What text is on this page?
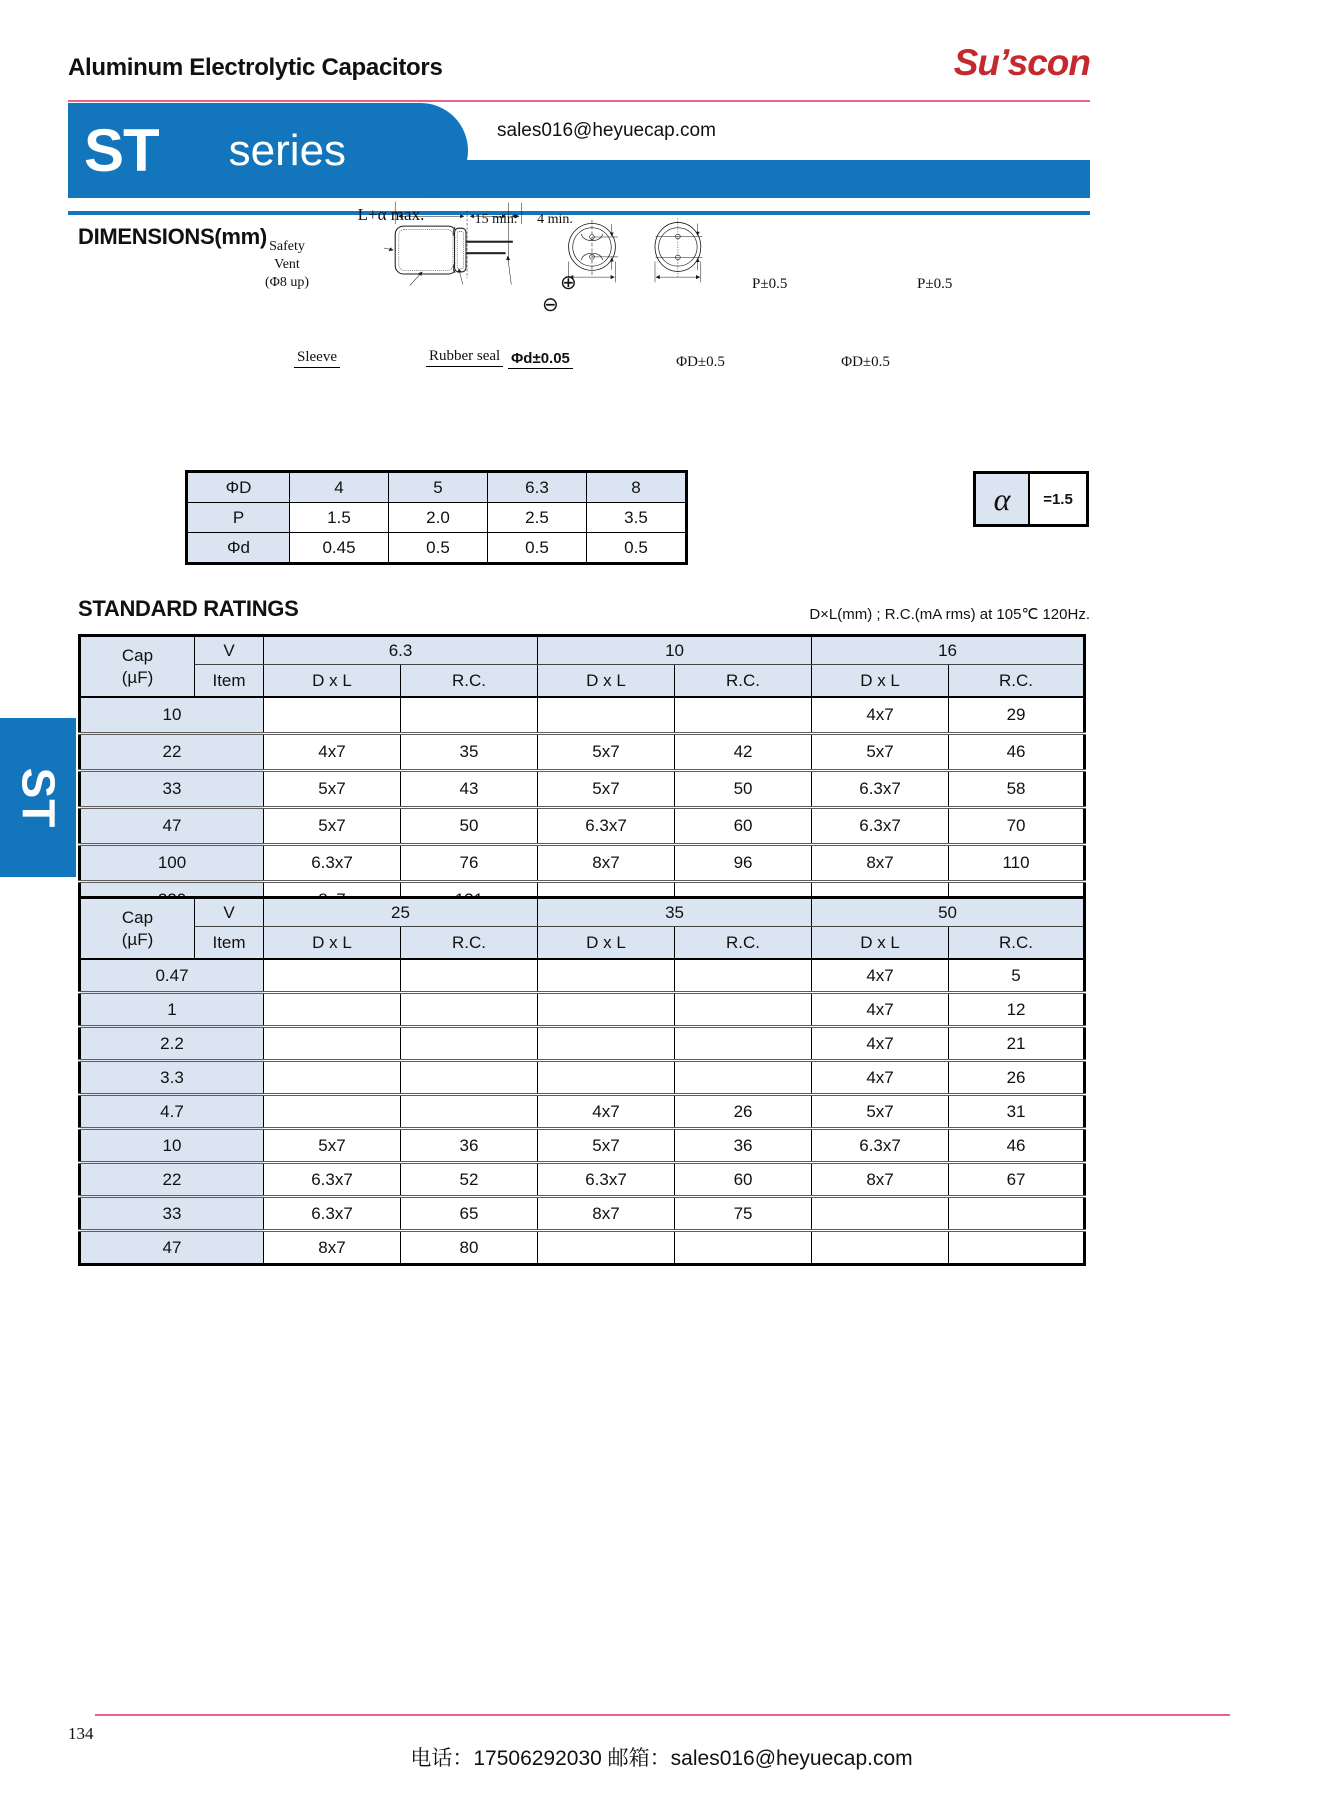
Aluminum Electrolytic Capacitors	Su’scon
ST series	sales016@heyuecap.com
DIMENSIONS(mm)
L+α max.	15 min.	4 min.
Safety
Vent
(Φ8 up)
Sleeve	Rubber seal Φd±0.05
⊕
⊖
P±0.5
ΦD±0.5
P±0.5
ΦD±0.5
ΦD	4	5	6.3	8
P	1.5	2.0	2.5	3.5
Φd	0.45	0.5	0.5	0.5
α	=1.5
STANDARD RATINGS	D×L(mm) ; R.C.(mA rms) at 105℃ 120Hz.
Cap
(µF)	V	6.3		10		16	
	Item	D x L	R.C.	D x L	R.C.	D x L	R.C.
10						4x7	29
22		4x7	35	5x7	42	5x7	46
33		5x7	43	5x7	50	6.3x7	58
47		5x7	50	6.3x7	60	6.3x7	70
100		6.3x7	76	8x7	96	8x7	110

Cap
(µF)	V	25		35		50	
	Item	D x L	R.C.	D x L	R.C.	D x L	R.C.
0.47						4x7	5
1						4x7	12
2.2						4x7	21
3.3						4x7	26
4.7				4x7	26	5x7	31
10		5x7	36	5x7	36	6.3x7	46
22		6.3x7	52	6.3x7	60	8x7	67
33		6.3x7	65	8x7	75		
47		8x7	80				
ST
134
电话：17506292030 邮箱：sales016@heyuecap.com
